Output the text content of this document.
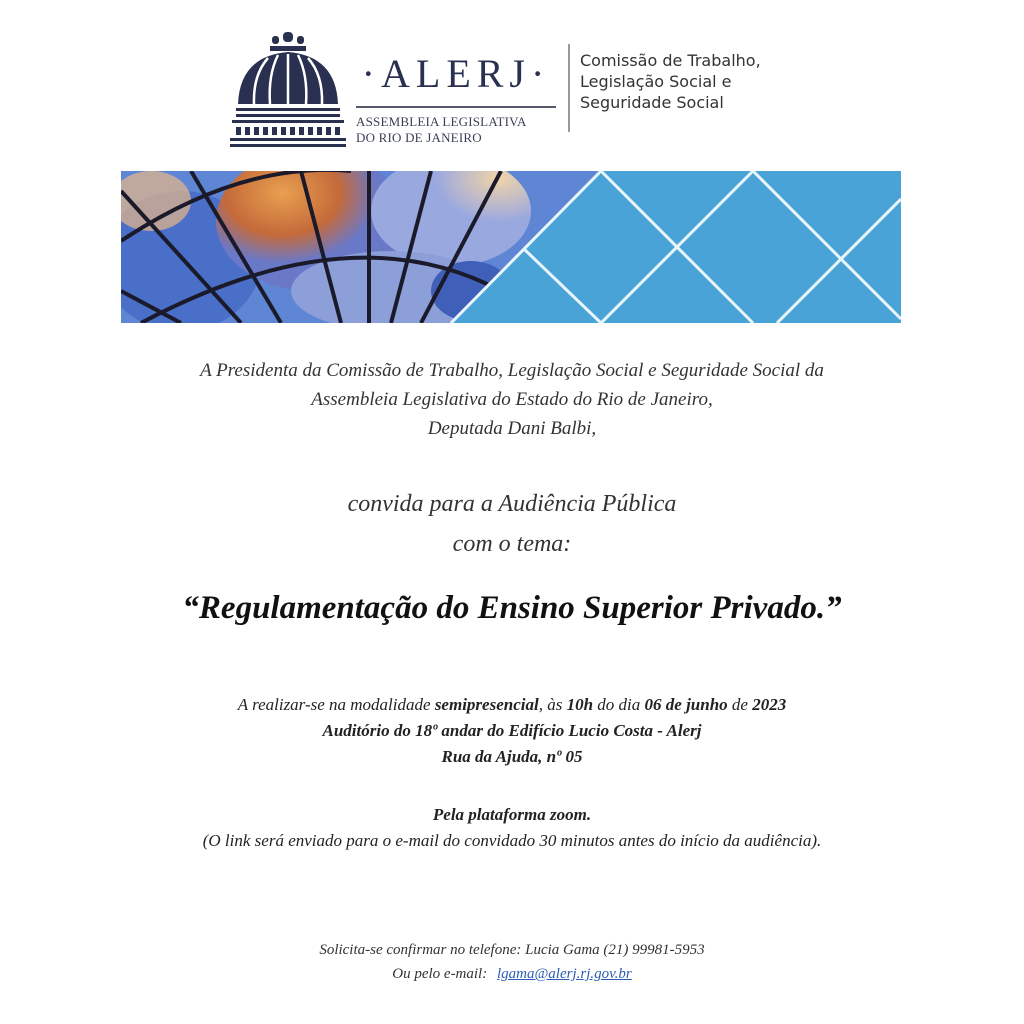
·ALERJ·
ASSEMBLEIA LEGISLATIVA
DO RIO DE JANEIRO
Comissão de Trabalho,
Legislação Social e
Seguridade Social
A Presidenta da Comissão de Trabalho, Legislação Social e Seguridade Social da
Assembleia Legislativa do Estado do Rio de Janeiro,
Deputada Dani Balbi,
convida para a Audiência Pública
com o tema:
“Regulamentação do Ensino Superior Privado.”
A realizar-se na modalidade semipresencial, às 10h do dia 06 de junho de 2023
Auditório do 18º andar do Edifício Lucio Costa - Alerj
Rua da Ajuda, nº 05
Pela plataforma zoom.
(O link será enviado para o e-mail do convidado 30 minutos antes do início da audiência).
Solicita-se confirmar no telefone: Lucia Gama (21) 99981-5953
Ou pelo e-mail: lgama@alerj.rj.gov.br
